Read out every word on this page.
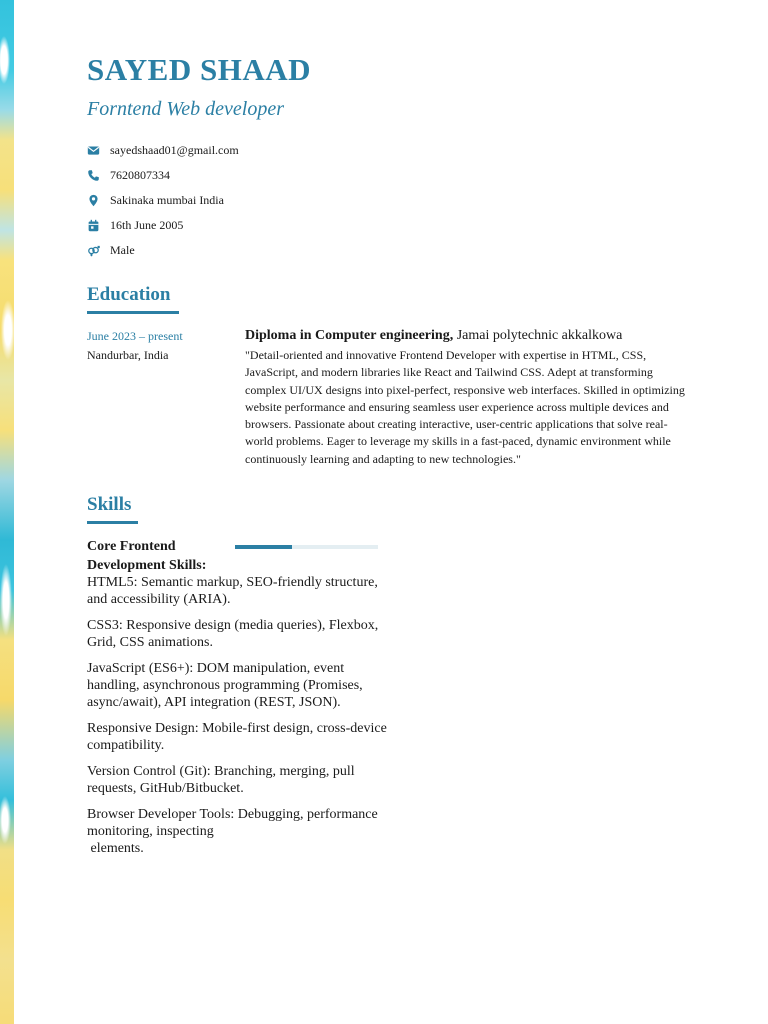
SAYED SHAAD
Forntend Web developer
sayedshaad01@gmail.com
7620807334
Sakinaka mumbai India
16th June 2005
Male
Education
June 2023 – present
Nandurbar, India
Diploma in Computer engineering, Jamai polytechnic akkalkowa
"Detail-oriented and innovative Frontend Developer with expertise in HTML, CSS, JavaScript, and modern libraries like React and Tailwind CSS. Adept at transforming complex UI/UX designs into pixel-perfect, responsive web interfaces. Skilled in optimizing website performance and ensuring seamless user experience across multiple devices and browsers. Passionate about creating interactive, user-centric applications that solve real-world problems. Eager to leverage my skills in a fast-paced, dynamic environment while continuously learning and adapting to new technologies."
Skills
Core Frontend Development Skills:

HTML5: Semantic markup, SEO-friendly structure, and accessibility (ARIA).

CSS3: Responsive design (media queries), Flexbox, Grid, CSS animations.

JavaScript (ES6+): DOM manipulation, event handling, asynchronous programming (Promises, async/await), API integration (REST, JSON).

Responsive Design: Mobile-first design, cross-device compatibility.

Version Control (Git): Branching, merging, pull requests, GitHub/Bitbucket.

Browser Developer Tools: Debugging, performance monitoring, inspecting
elements.
